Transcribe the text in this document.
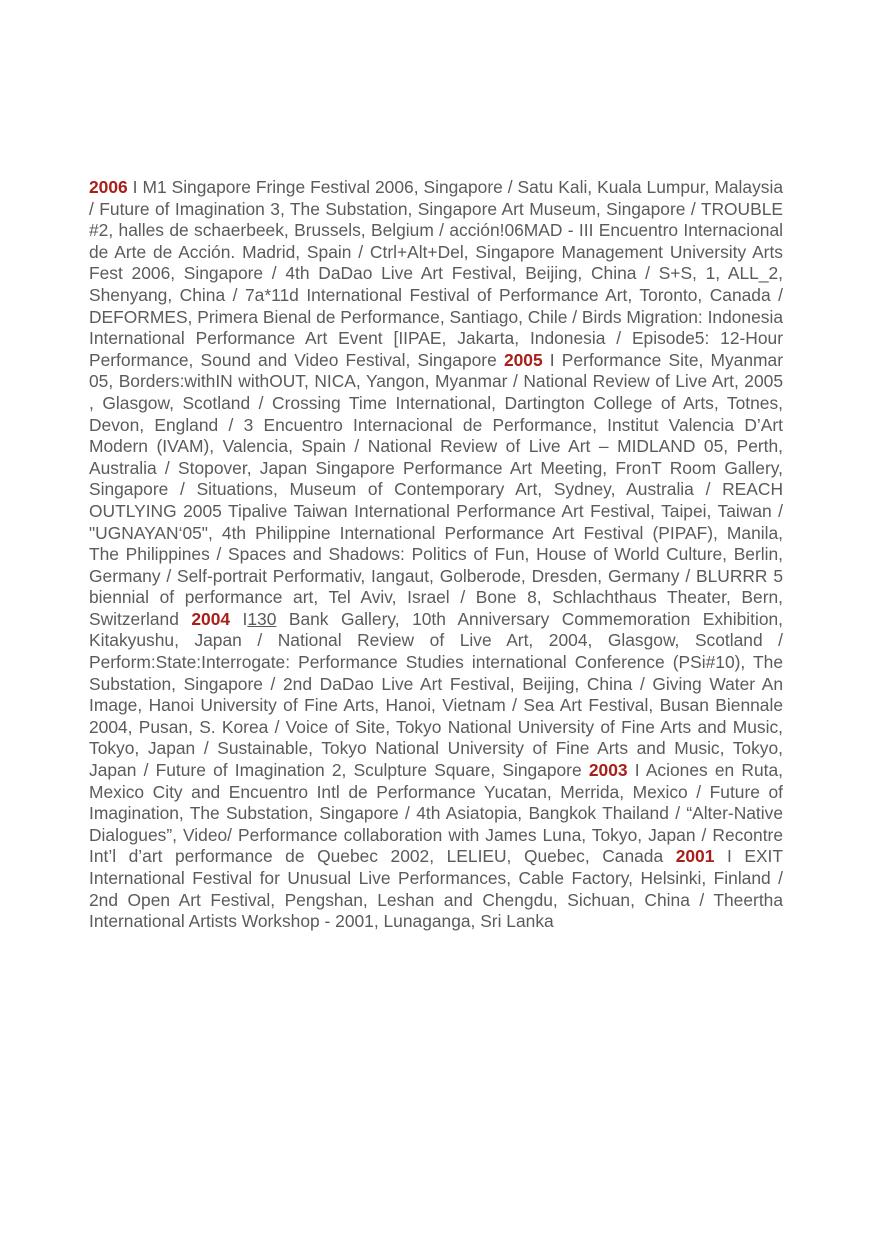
2006 I M1 Singapore Fringe Festival 2006, Singapore / Satu Kali, Kuala Lumpur, Malaysia / Future of Imagination 3, The Substation, Singapore Art Museum, Singapore / TROUBLE #2, halles de schaerbeek, Brussels, Belgium / acción!06MAD - III Encuentro Internacional de Arte de Acción. Madrid, Spain / Ctrl+Alt+Del, Singapore Management University Arts Fest 2006, Singapore / 4th DaDao Live Art Festival, Beijing, China / S+S, 1, ALL_2, Shenyang, China / 7a*11d International Festival of Performance Art, Toronto, Canada / DEFORMES, Primera Bienal de Performance, Santiago, Chile / Birds Migration: Indonesia International Performance Art Event [IIPAE, Jakarta, Indonesia / Episode5: 12-Hour Performance, Sound and Video Festival, Singapore 2005 I Performance Site, Myanmar 05, Borders:withIN withOUT, NICA, Yangon, Myanmar / National Review of Live Art, 2005 , Glasgow, Scotland / Crossing Time International, Dartington College of Arts, Totnes, Devon, England / 3 Encuentro Internacional de Performance, Institut Valencia D’Art Modern (IVAM), Valencia, Spain / National Review of Live Art – MIDLAND 05, Perth, Australia / Stopover, Japan Singapore Performance Art Meeting, FronT Room Gallery, Singapore / Situations, Museum of Contemporary Art, Sydney, Australia / REACH OUTLYING 2005 Tipalive Taiwan International Performance Art Festival, Taipei, Taiwan / "UGNAYAN‘05", 4th Philippine International Performance Art Festival (PIPAF), Manila, The Philippines / Spaces and Shadows: Politics of Fun, House of World Culture, Berlin, Germany / Self-portrait Performativ, Iangaut, Golberode, Dresden, Germany / BLURRR 5 biennial of performance art, Tel Aviv, Israel / Bone 8, Schlachthaus Theater, Bern, Switzerland 2004 I130 Bank Gallery, 10th Anniversary Commemoration Exhibition, Kitakyushu, Japan / National Review of Live Art, 2004, Glasgow, Scotland / Perform:State:Interrogate: Performance Studies international Conference (PSi#10), The Substation, Singapore / 2nd DaDao Live Art Festival, Beijing, China / Giving Water An Image, Hanoi University of Fine Arts, Hanoi, Vietnam / Sea Art Festival, Busan Biennale 2004, Pusan, S. Korea / Voice of Site, Tokyo National University of Fine Arts and Music, Tokyo, Japan / Sustainable, Tokyo National University of Fine Arts and Music, Tokyo, Japan / Future of Imagination 2, Sculpture Square, Singapore 2003 I Aciones en Ruta, Mexico City and Encuentro Intl de Performance Yucatan, Merrida, Mexico / Future of Imagination, The Substation, Singapore / 4th Asiatopia, Bangkok Thailand / “Alter-Native Dialogues”, Video/ Performance collaboration with James Luna, Tokyo, Japan / Recontre Int’l d’art performance de Quebec 2002, LELIEU, Quebec, Canada 2001 I EXIT International Festival for Unusual Live Performances, Cable Factory, Helsinki, Finland / 2nd Open Art Festival, Pengshan, Leshan and Chengdu, Sichuan, China / Theertha International Artists Workshop - 2001, Lunaganga, Sri Lanka
